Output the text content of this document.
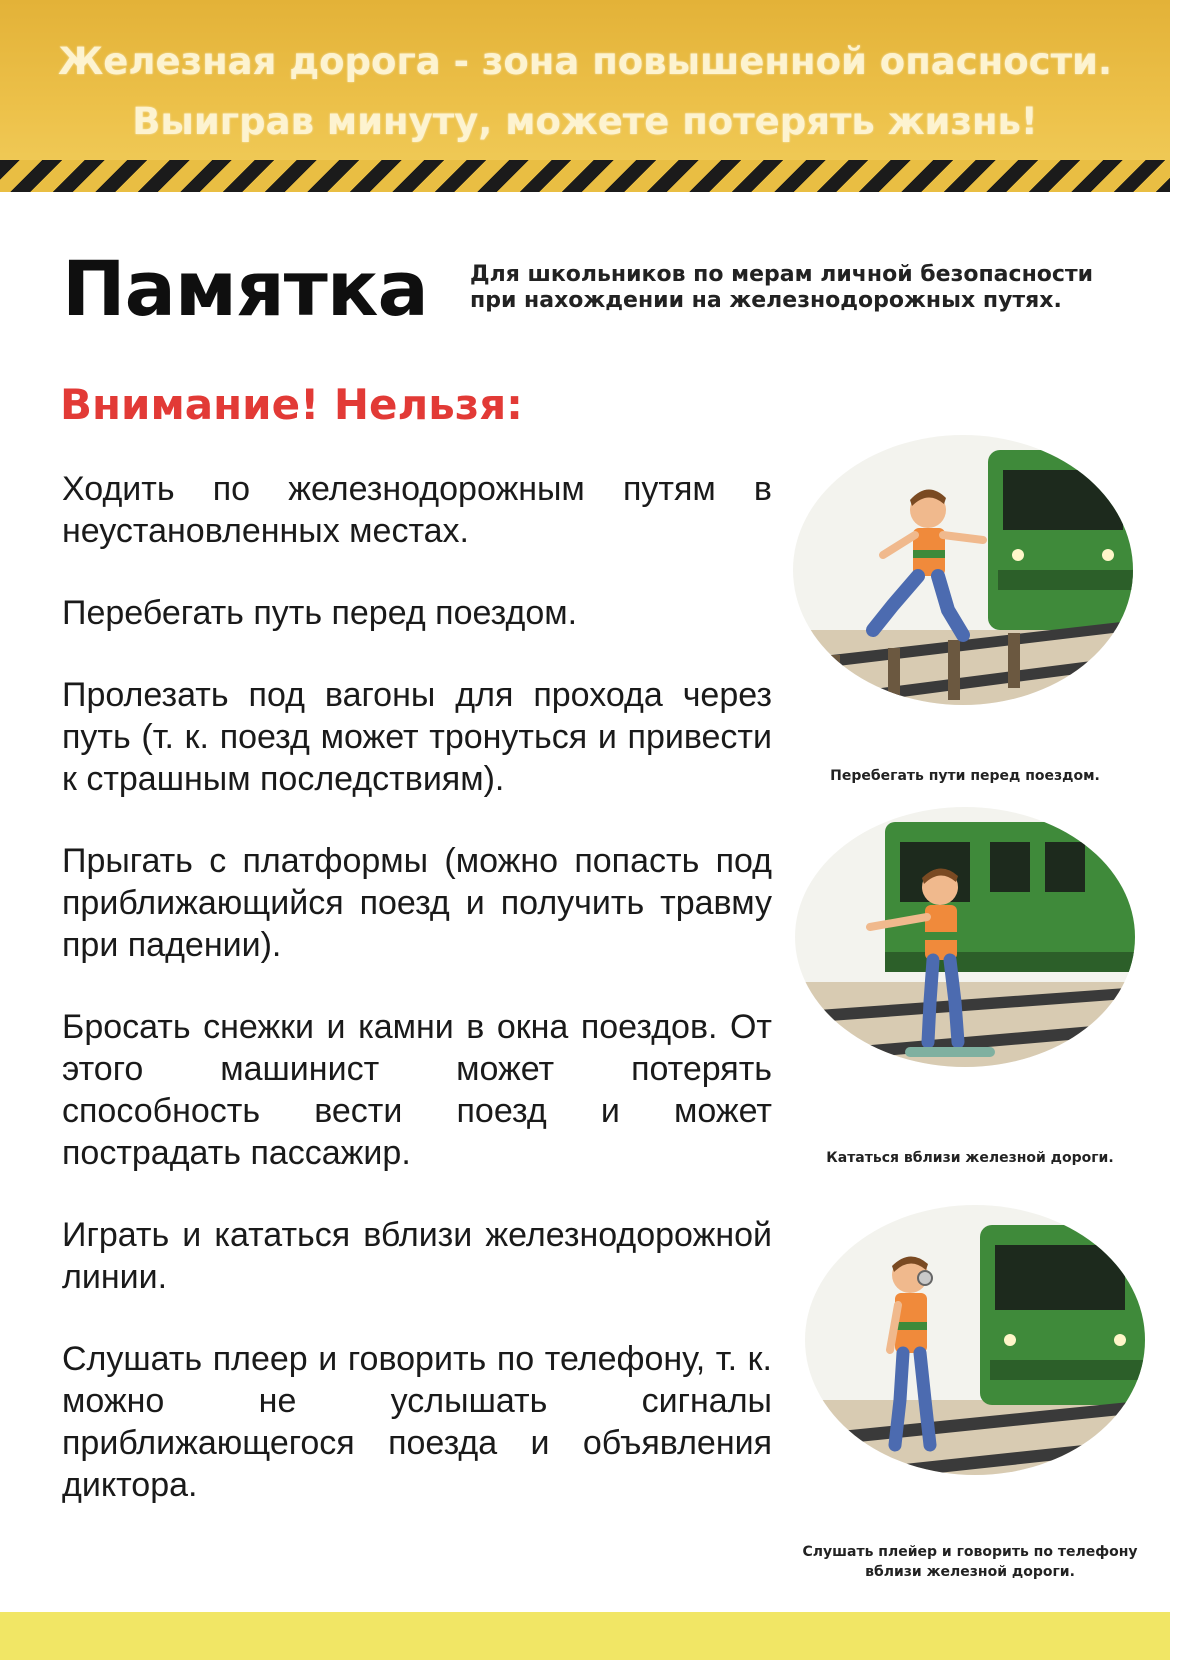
Железная дорога - зона повышенной опасности.
Выиграв минуту, можете потерять жизнь!
Памятка Для школьников по мерам личной безопасности
при нахождении на железнодорожных путях.
Внимание! Нельзя:

Ходить по железнодорожным путям в неустановленных местах.

Перебегать путь перед поездом.

Пролезать под вагоны для прохода через путь (т. к. поезд может тронуться и привести к страшным последствиям).

Прыгать с платформы (можно попасть под приближающийся поезд и получить травму при падении).

Бросать снежки и камни в окна поездов. От этого машинист может потерять способность вести поезд и может пострадать пассажир.

Играть и кататься вблизи железнодорожной линии.

Слушать плеер и говорить по телефону, т. к. можно не услышать сигналы приближающегося поезда и объявления диктора.

Перебегать пути перед поездом.
Кататься вблизи железной дороги.
Слушать плейер и говорить по телефону
вблизи железной дороги.
